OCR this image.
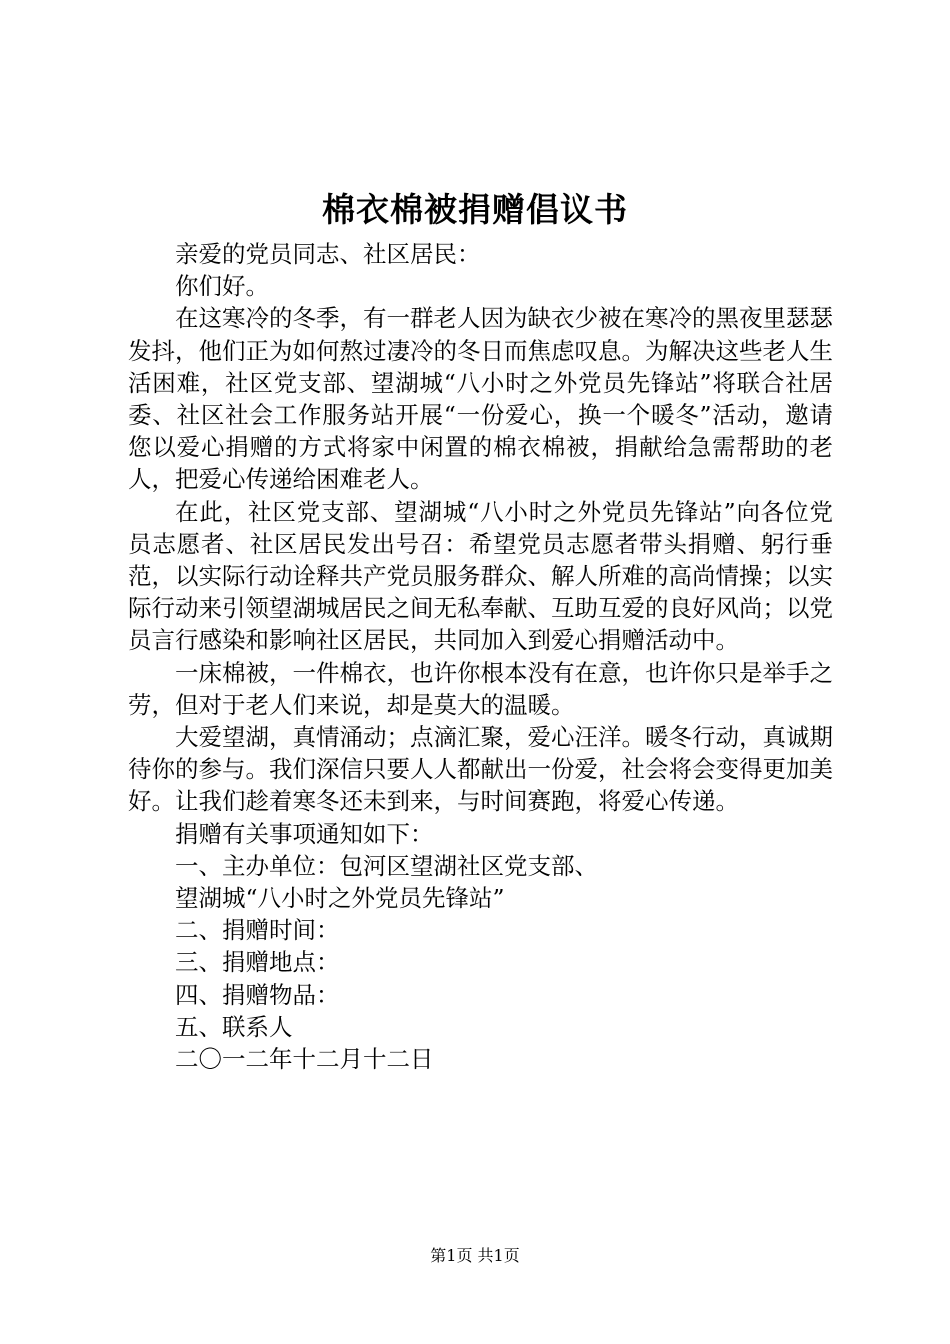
棉衣棉被捐赠倡议书

亲爱的党员同志、社区居民：

你们好。

在这寒冷的冬季，有一群老人因为缺衣少被在寒冷的黑夜里瑟瑟发抖，他们正为如何熬过凄冷的冬日而焦虑叹息。为解决这些老人生活困难，社区党支部、望湖城“八小时之外党员先锋站”将联合社居委、社区社会工作服务站开展“一份爱心，换一个暖冬”活动，邀请您以爱心捐赠的方式将家中闲置的棉衣棉被，捐献给急需帮助的老人，把爱心传递给困难老人。

在此，社区党支部、望湖城“八小时之外党员先锋站”向各位党员志愿者、社区居民发出号召：希望党员志愿者带头捐赠、躬行垂范，以实际行动诠释共产党员服务群众、解人所难的高尚情操；以实际行动来引领望湖城居民之间无私奉献、互助互爱的良好风尚；以党员言行感染和影响社区居民，共同加入到爱心捐赠活动中。

一床棉被，一件棉衣，也许你根本没有在意，也许你只是举手之劳，但对于老人们来说，却是莫大的温暖。

大爱望湖，真情涌动；点滴汇聚，爱心汪洋。暖冬行动，真诚期待你的参与。我们深信只要人人都献出一份爱，社会将会变得更加美好。让我们趁着寒冬还未到来，与时间赛跑，将爱心传递。

捐赠有关事项通知如下：

一、主办单位：包河区望湖社区党支部、

望湖城“八小时之外党员先锋站”

二、捐赠时间：

三、捐赠地点：

四、捐赠物品：

五、联系人

二〇一二年十二月十二日

第1页 共1页
